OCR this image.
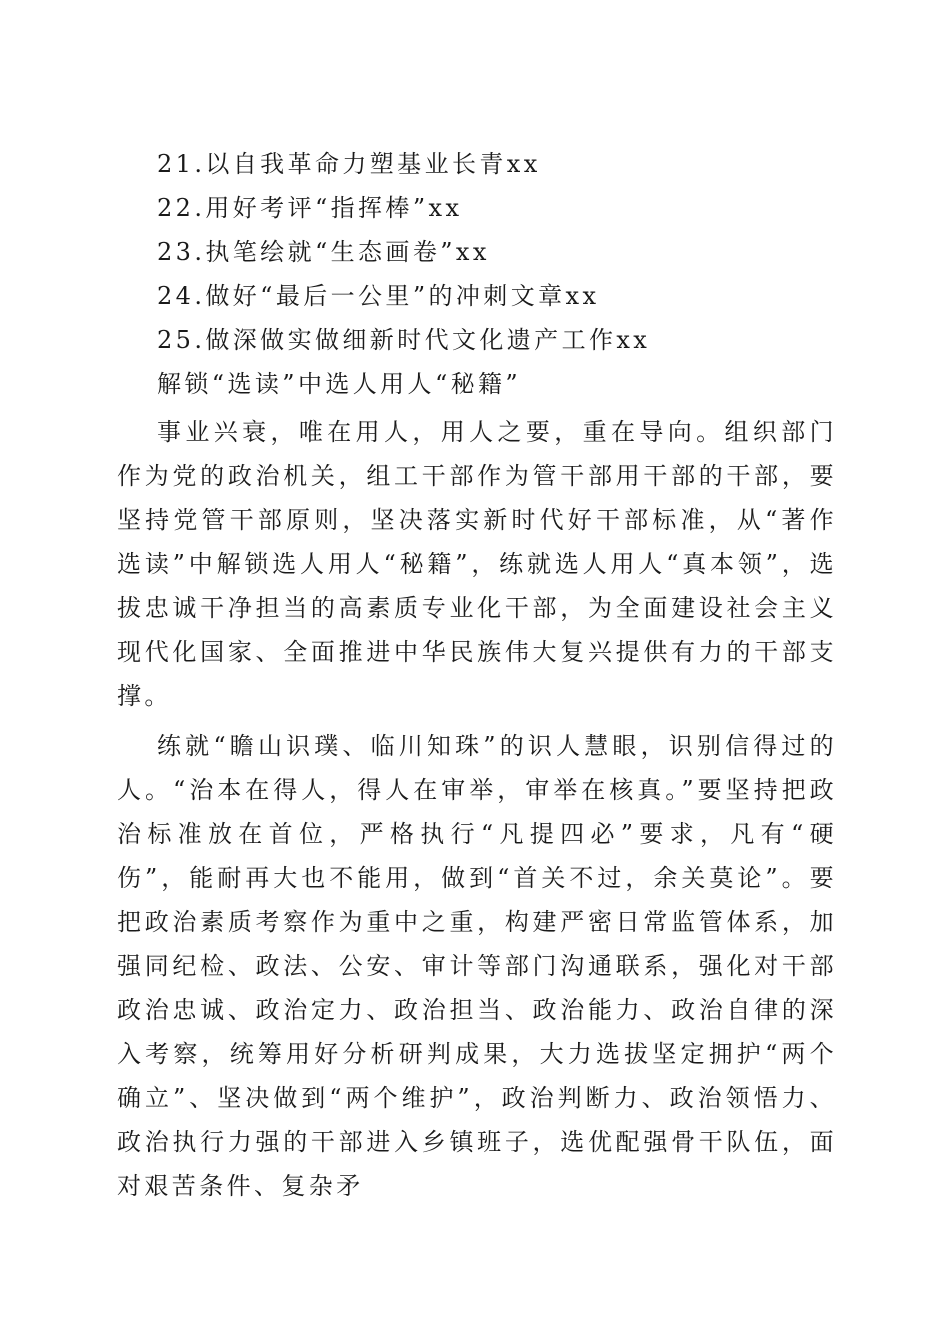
21.以自我革命力塑基业长青xx
22.用好考评“指挥棒”xx
23.执笔绘就“生态画卷”xx
24.做好“最后一公里”的冲刺文章xx
25.做深做实做细新时代文化遗产工作xx
解锁“选读”中选人用人“秘籍”

事业兴衰，唯在用人，用人之要，重在导向。组织部门作为党的政治机关，组工干部作为管干部用干部的干部，要坚持党管干部原则，坚决落实新时代好干部标准，从“著作选读”中解锁选人用人“秘籍”，练就选人用人“真本领”，选拔忠诚干净担当的高素质专业化干部，为全面建设社会主义现代化国家、全面推进中华民族伟大复兴提供有力的干部支撑。

练就“瞻山识璞、临川知珠”的识人慧眼，识别信得过的人。“治本在得人，得人在审举，审举在核真。”要坚持把政治标准放在首位，严格执行“凡提四必”要求，凡有“硬伤”，能耐再大也不能用，做到“首关不过，余关莫论”。要把政治素质考察作为重中之重，构建严密日常监管体系，加强同纪检、政法、公安、审计等部门沟通联系，强化对干部政治忠诚、政治定力、政治担当、政治能力、政治自律的深入考察，统筹用好分析研判成果，大力选拔坚定拥护“两个确立”、坚决做到“两个维护”，政治判断力、政治领悟力、政治执行力强的干部进入乡镇班子，选优配强骨干队伍，面对艰苦条件、复杂矛
